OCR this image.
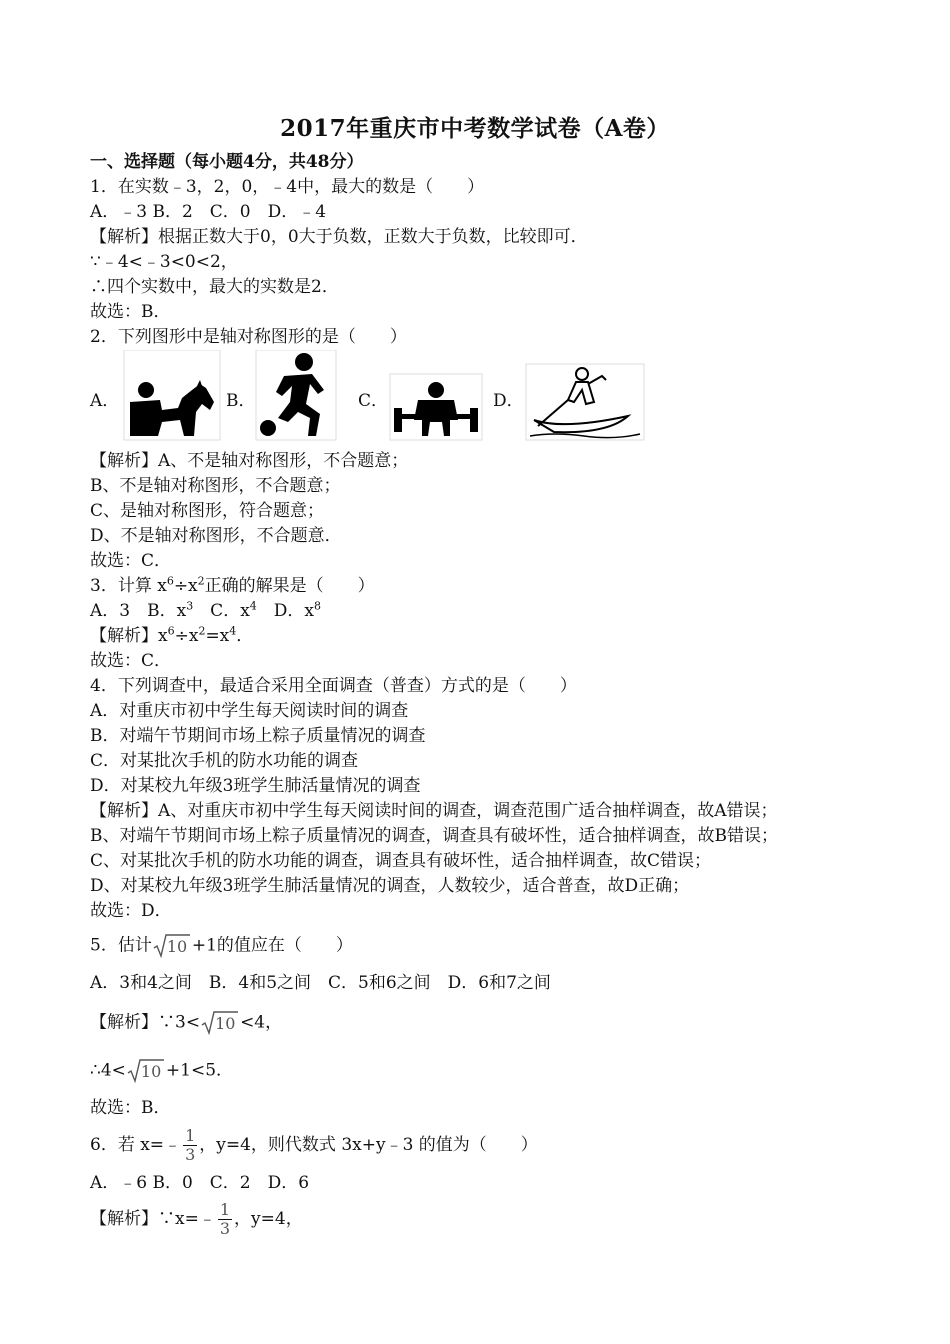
2017年重庆市中考数学试卷（A卷）
一、选择题（每小题4分，共48分）
1．在实数﹣3，2，0，﹣4中，最大的数是（　　）
A．﹣3 B．2　C．0　D．﹣4
【解析】根据正数大于0，0大于负数，正数大于负数，比较即可．
∵﹣4<﹣3<0<2，
∴四个实数中，最大的实数是2．
故选：B．
2．下列图形中是轴对称图形的是（　　）
A．	B．	C．	D．
【解析】A、不是轴对称图形，不合题意；
B、不是轴对称图形，不合题意；
C、是轴对称图形，符合题意；
D、不是轴对称图形，不合题意．
故选：C．
3．计算 $x^6\div x^2$正确的解果是（　　）
A．3　B．$x^3$　C．$x^4$　D．$x^8$
【解析】$x^6\div x^2=x^4$．
故选：C．
4．下列调查中，最适合采用全面调查（普查）方式的是（　　）
A．对重庆市初中学生每天阅读时间的调查
B．对端午节期间市场上粽子质量情况的调查
C．对某批次手机的防水功能的调查
D．对某校九年级3班学生肺活量情况的调查
【解析】A、对重庆市初中学生每天阅读时间的调查，调查范围广适合抽样调查，故A错误；
B、对端午节期间市场上粽子质量情况的调查，调查具有破坏性，适合抽样调查，故B错误；
C、对某批次手机的防水功能的调查，调查具有破坏性，适合抽样调查，故C错误；
D、对某校九年级3班学生肺活量情况的调查，人数较少，适合普查，故D正确；
故选：D．
5．估计 10 +1的值应在（　　）
A．3和4之间　B．4和5之间　C．5和6之间　D．6和7之间
【解析】∵3< 10 <4，
∴4< 10 +1<5．
故选：B．
6．若 x=﹣ $\frac{1}{3}$ ，y=4，则代数式 3x+y﹣3 的值为（　　）
A．﹣6 B．0　C．2　D．6
【解析】∵x=﹣ $\frac{1}{3}$ ，y=4，
